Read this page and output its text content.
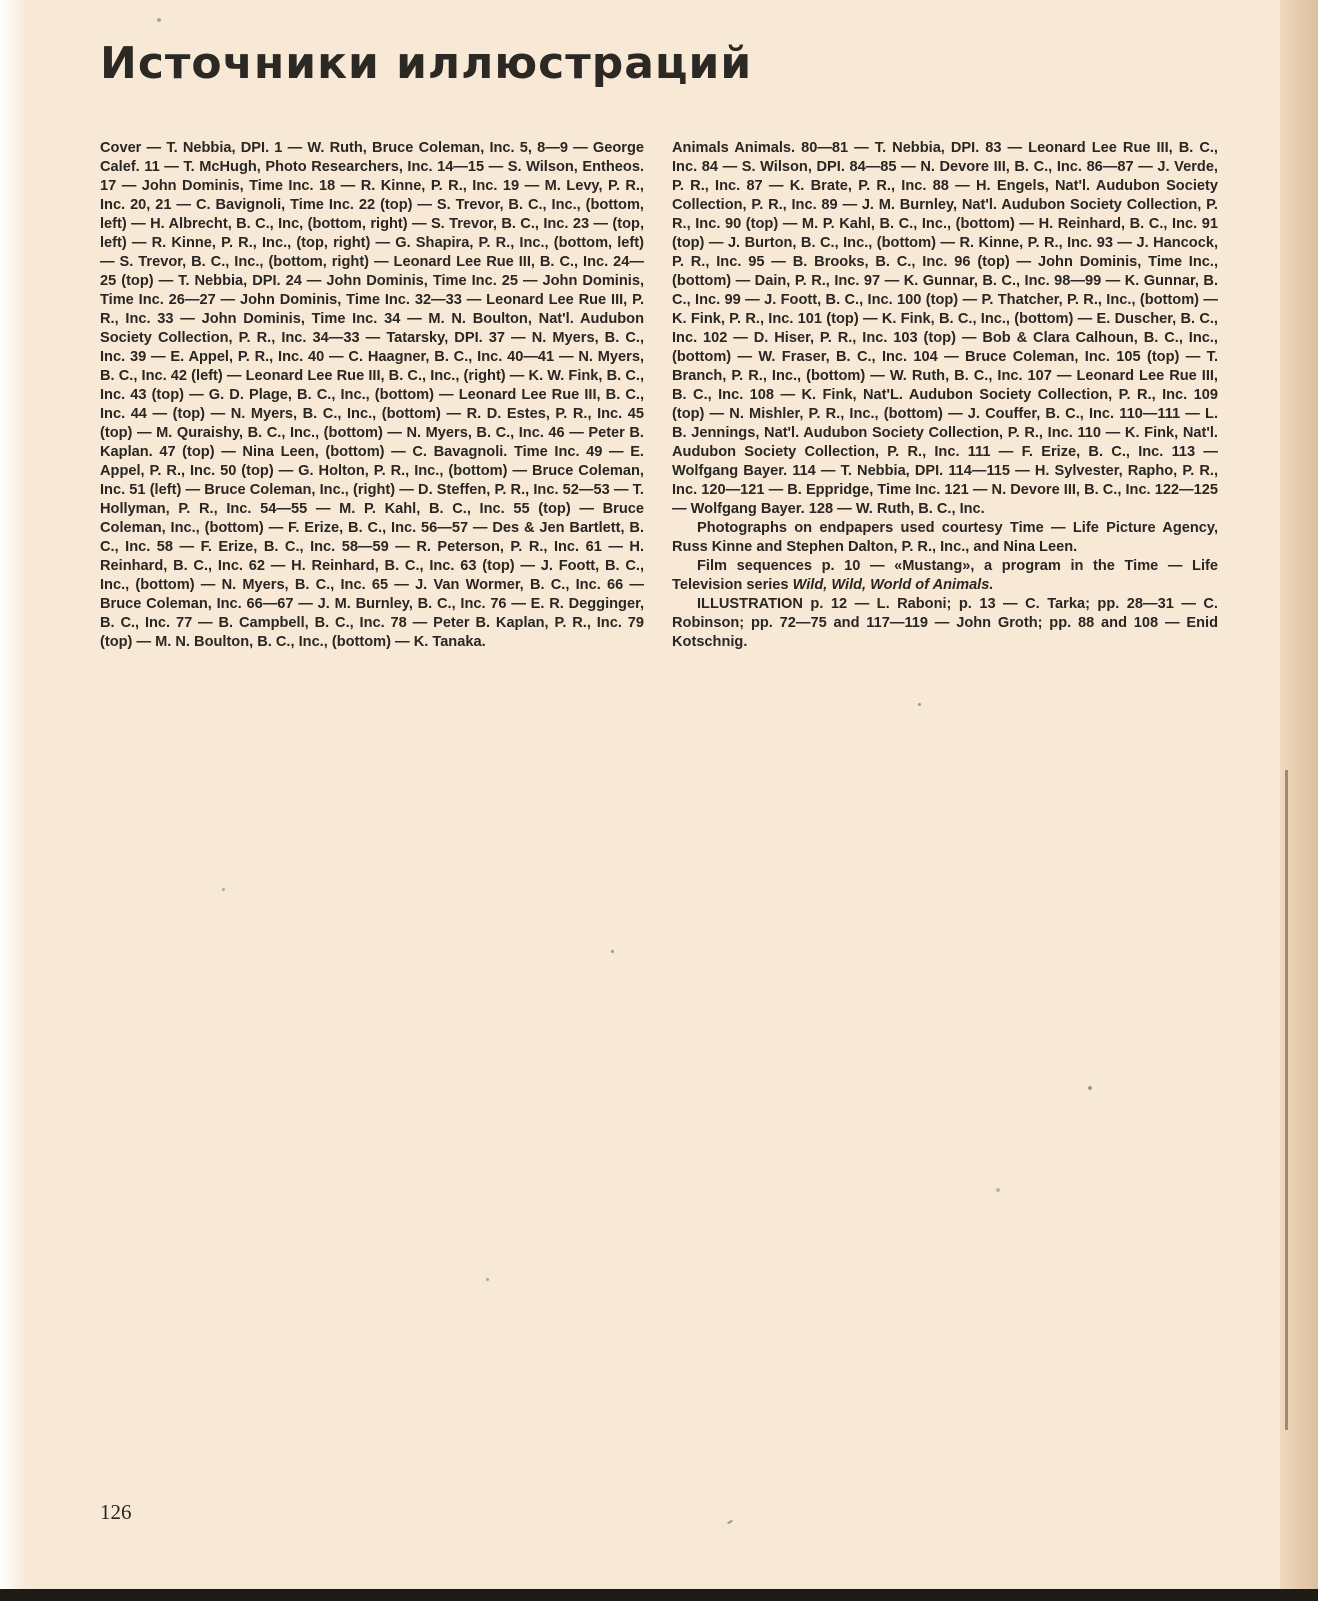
Источники иллюстраций

Cover — T. Nebbia, DPI. 1 — W. Ruth, Bruce Coleman, Inc. 5, 8—9 — George Calef. 11 — T. McHugh, Photo Researchers, Inc. 14—15 — S. Wilson, Entheos. 17 — John Dominis, Time Inc. 18 — R. Kinne, P. R., Inc. 19 — M. Levy, P. R., Inc. 20, 21 — C. Bavignoli, Time Inc. 22 (top) — S. Trevor, B. C., Inc., (bottom, left) — H. Albrecht, B. C., Inc, (bottom, right) — S. Trevor, B. C., Inc. 23 — (top, left) — R. Kinne, P. R., Inc., (top, right) — G. Shapira, P. R., Inc., (bottom, left) — S. Trevor, B. C., Inc., (bottom, right) — Leonard Lee Rue III, B. C., Inc. 24—25 (top) — T. Nebbia, DPI. 24 — John Dominis, Time Inc. 25 — John Dominis, Time Inc. 26—27 — John Dominis, Time Inc. 32—33 — Leonard Lee Rue III, P. R., Inc. 33 — John Dominis, Time Inc. 34 — M. N. Boulton, Nat'l. Audubon Society Collection, P. R., Inc. 34—33 — Tatarsky, DPI. 37 — N. Myers, B. C., Inc. 39 — E. Appel, P. R., Inc. 40 — C. Haagner, B. C., Inc. 40—41 — N. Myers, B. C., Inc. 42 (left) — Leonard Lee Rue III, B. C., Inc., (right) — K. W. Fink, B. C., Inc. 43 (top) — G. D. Plage, B. C., Inc., (bottom) — Leonard Lee Rue III, B. C., Inc. 44 — (top) — N. Myers, B. C., Inc., (bottom) — R. D. Estes, P. R., Inc. 45 (top) — M. Quraishy, B. C., Inc., (bottom) — N. Myers, B. C., Inc. 46 — Peter B. Kaplan. 47 (top) — Nina Leen, (bottom) — C. Bavagnoli. Time Inc. 49 — E. Appel, P. R., Inc. 50 (top) — G. Holton, P. R., Inc., (bottom) — Bruce Coleman, Inc. 51 (left) — Bruce Coleman, Inc., (right) — D. Steffen, P. R., Inc. 52—53 — T. Hollyman, P. R., Inc. 54—55 — M. P. Kahl, B. C., Inc. 55 (top) — Bruce Coleman, Inc., (bottom) — F. Erize, B. C., Inc. 56—57 — Des & Jen Bartlett, B. C., Inc. 58 — F. Erize, B. C., Inc. 58—59 — R. Peterson, P. R., Inc. 61 — H. Reinhard, B. C., Inc. 62 — H. Reinhard, B. C., Inc. 63 (top) — J. Foott, B. C., Inc., (bottom) — N. Myers, B. C., Inc. 65 — J. Van Wormer, B. C., Inc. 66 — Bruce Coleman, Inc. 66—67 — J. M. Burnley, B. C., Inc. 76 — E. R. Degginger, B. C., Inc. 77 — B. Campbell, B. C., Inc. 78 — Peter B. Kaplan, P. R., Inc. 79 (top) — M. N. Boulton, B. C., Inc., (bottom) — K. Tanaka.

Animals Animals. 80—81 — T. Nebbia, DPI. 83 — Leonard Lee Rue III, B. C., Inc. 84 — S. Wilson, DPI. 84—85 — N. Devore III, B. C., Inc. 86—87 — J. Verde, P. R., Inc. 87 — K. Brate, P. R., Inc. 88 — H. Engels, Nat'l. Audubon Society Collection, P. R., Inc. 89 — J. M. Burnley, Nat'l. Audubon Society Collection, P. R., Inc. 90 (top) — M. P. Kahl, B. C., Inc., (bottom) — H. Reinhard, B. C., Inc. 91 (top) — J. Burton, B. C., Inc., (bottom) — R. Kinne, P. R., Inc. 93 — J. Hancock, P. R., Inc. 95 — B. Brooks, B. C., Inc. 96 (top) — John Dominis, Time Inc., (bottom) — Dain, P. R., Inc. 97 — K. Gunnar, B. C., Inc. 98—99 — K. Gunnar, B. C., Inc. 99 — J. Foott, B. C., Inc. 100 (top) — P. Thatcher, P. R., Inc., (bottom) — K. Fink, P. R., Inc. 101 (top) — K. Fink, B. C., Inc., (bottom) — E. Duscher, B. C., Inc. 102 — D. Hiser, P. R., Inc. 103 (top) — Bob & Clara Calhoun, B. C., Inc., (bottom) — W. Fraser, B. C., Inc. 104 — Bruce Coleman, Inc. 105 (top) — T. Branch, P. R., Inc., (bottom) — W. Ruth, B. C., Inc. 107 — Leonard Lee Rue III, B. C., Inc. 108 — K. Fink, Nat'L. Audubon Society Collection, P. R., Inc. 109 (top) — N. Mishler, P. R., Inc., (bottom) — J. Couffer, B. C., Inc. 110—111 — L. B. Jennings, Nat'l. Audubon Society Collection, P. R., Inc. 110 — K. Fink, Nat'l. Audubon Society Collection, P. R., Inc. 111 — F. Erize, B. C., Inc. 113 — Wolfgang Bayer. 114 — T. Nebbia, DPI. 114—115 — H. Sylvester, Rapho, P. R., Inc. 120—121 — B. Eppridge, Time Inc. 121 — N. Devore III, B. C., Inc. 122—125 — Wolfgang Bayer. 128 — W. Ruth, B. C., Inc.

Photographs on endpapers used courtesy Time — Life Picture Agency, Russ Kinne and Stephen Dalton, P. R., Inc., and Nina Leen.

Film sequences p. 10 — «Mustang», a program in the Time — Life Television series Wild, Wild, World of Animals.

ILLUSTRATION p. 12 — L. Raboni; p. 13 — C. Tarka; pp. 28—31 — C. Robinson; pp. 72—75 and 117—119 — John Groth; pp. 88 and 108 — Enid Kotschnig.

126
